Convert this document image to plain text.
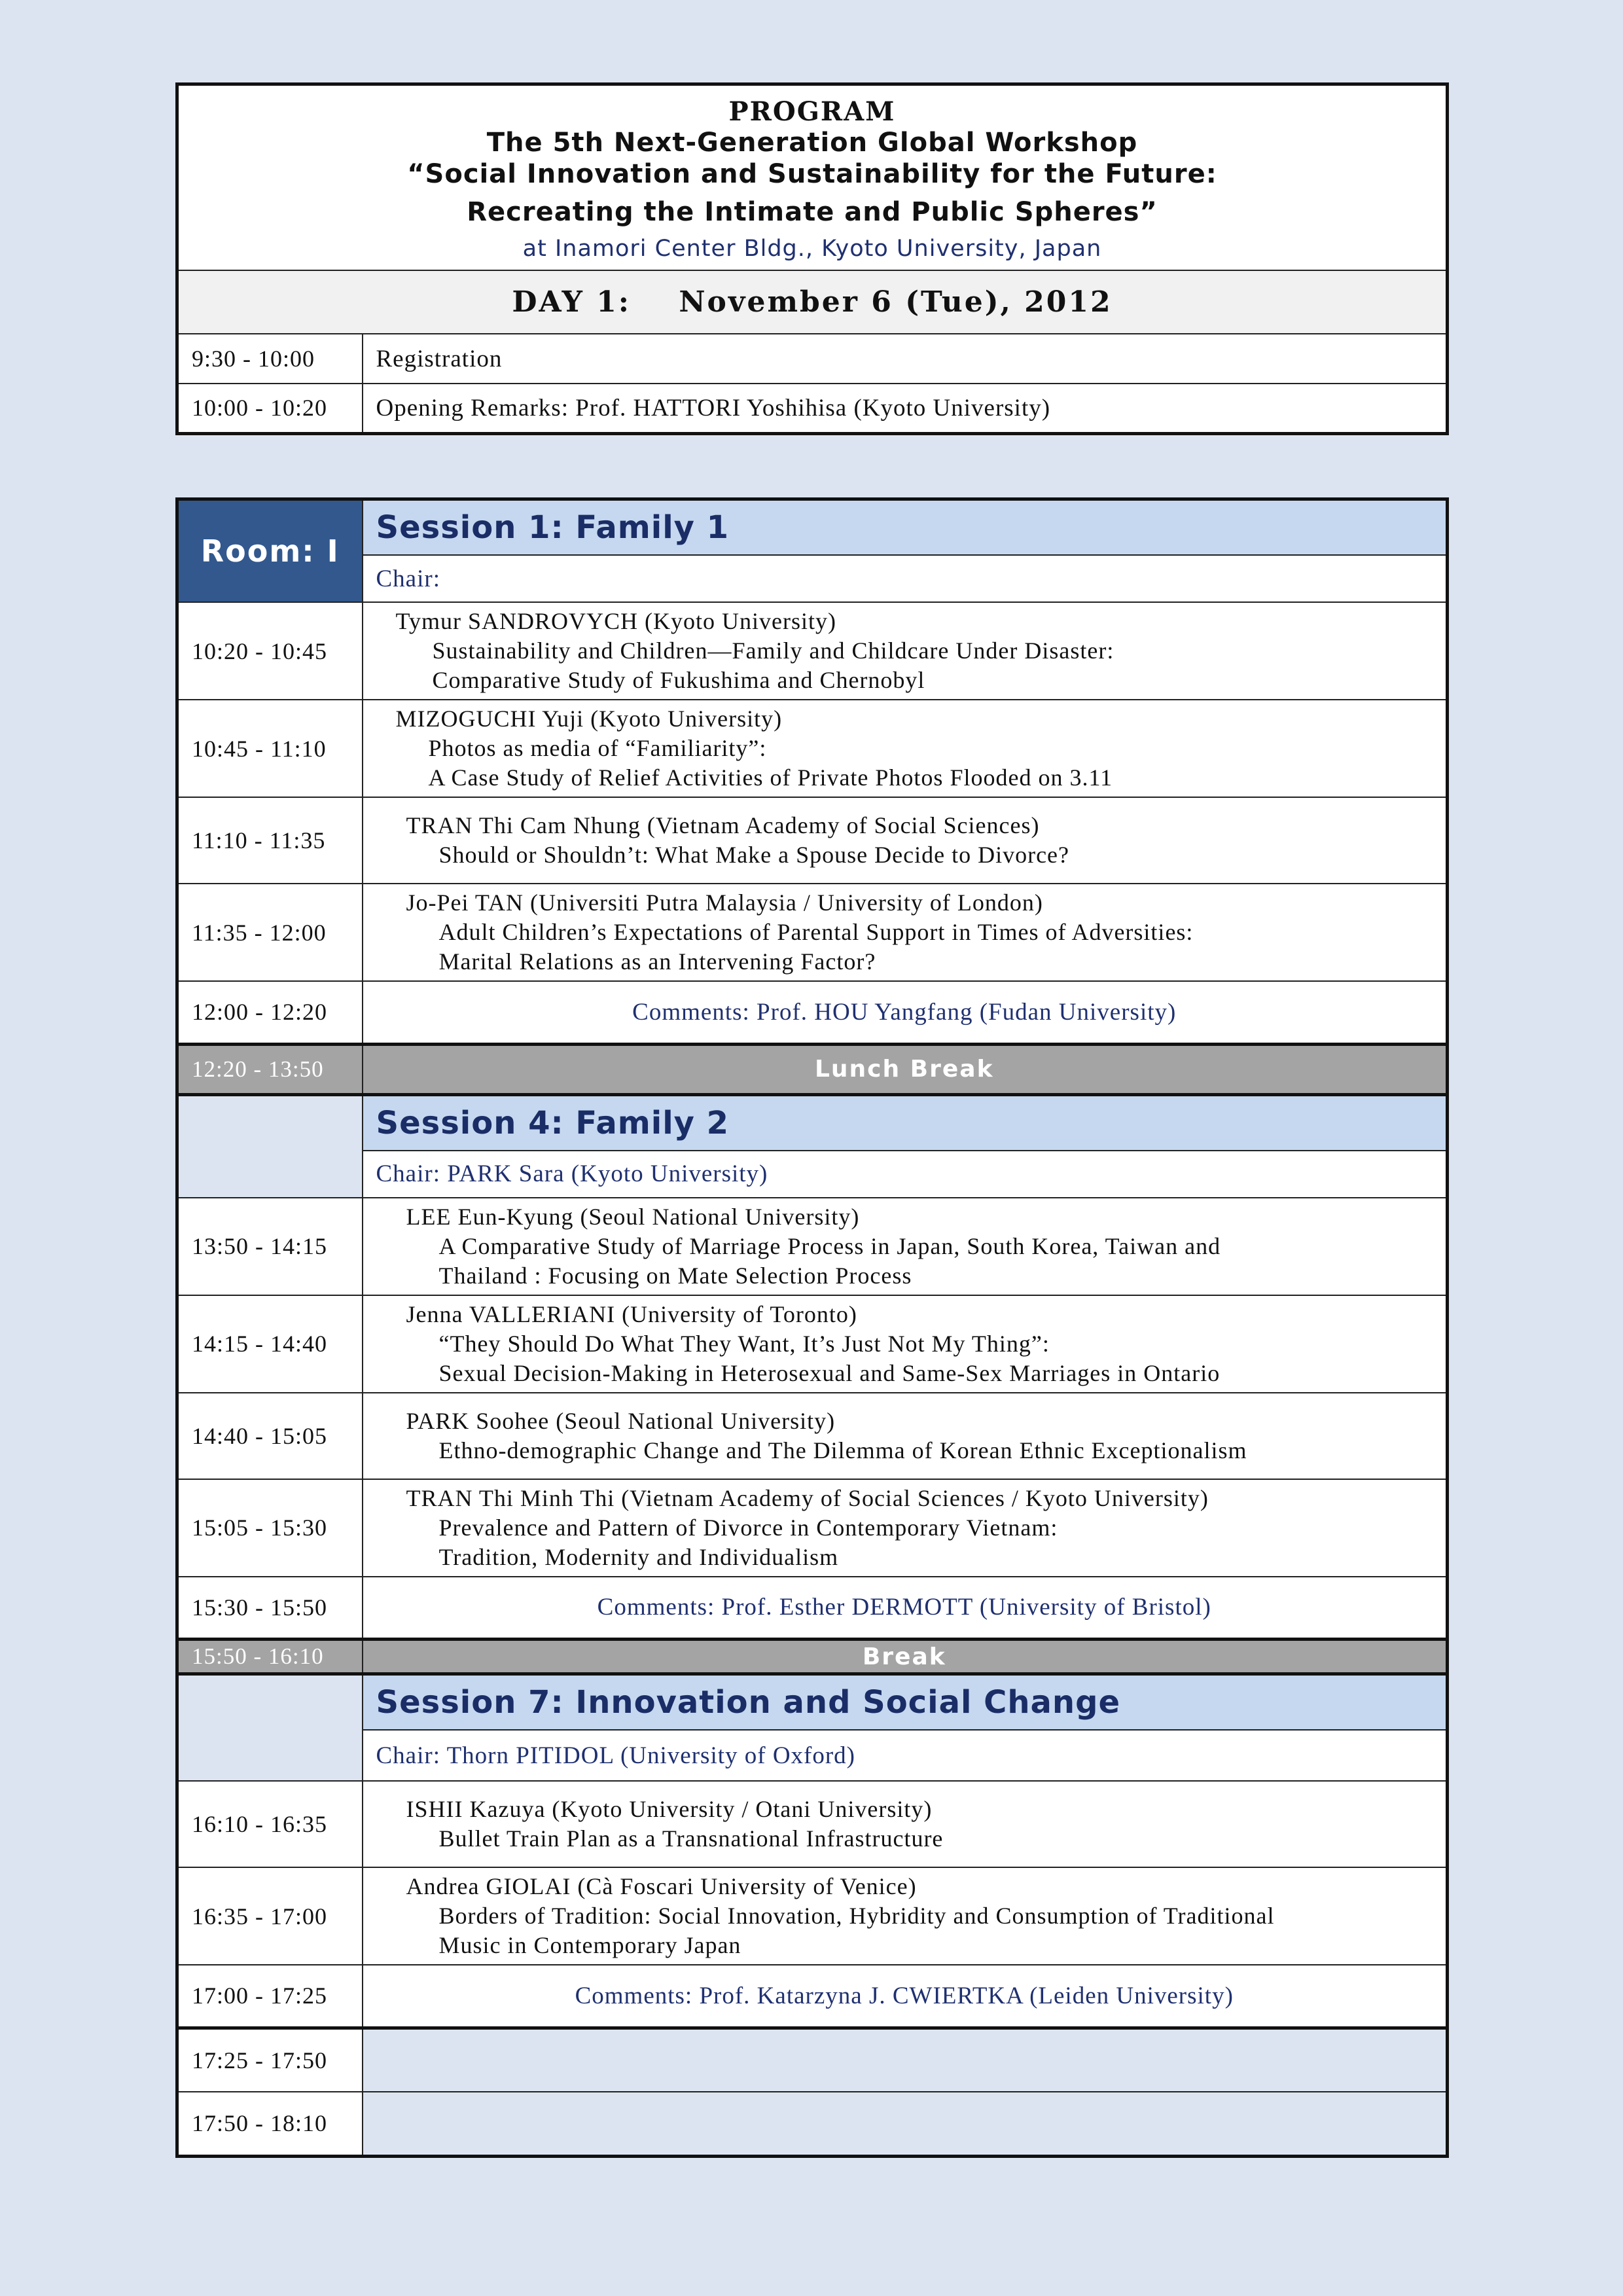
PROGRAM
The 5th Next-Generation Global Workshop
“Social Innovation and Sustainability for the Future:
Recreating the Intimate and Public Spheres”
at Inamori Center Bldg., Kyoto University, Japan	

DAY 1:    November 6 (Tue), 2012	
9:30 - 10:00	Registration
10:00 - 10:20	Opening Remarks: Prof. HATTORI Yoshihisa (Kyoto University)
Room: I	Session 1: Family 1
	Chair:
10:20 - 10:45	Tymur SANDROVYCH (Kyoto University)
Sustainability and Children—Family and Childcare Under Disaster:
Comparative Study of Fukushima and Chernobyl

10:45 - 11:10	MIZOGUCHI Yuji (Kyoto University)
Photos as media of “Familiarity”:
A Case Study of Relief Activities of Private Photos Flooded on 3.11

11:10 - 11:35	TRAN Thi Cam Nhung (Vietnam Academy of Social Sciences)
Should or Shouldn’t: What Make a Spouse Decide to Divorce?

11:35 - 12:00	Jo-Pei TAN (Universiti Putra Malaysia / University of London)
Adult Children’s Expectations of Parental Support in Times of Adversities:
Marital Relations as an Intervening Factor?

12:00 - 12:20	Comments: Prof. HOU Yangfang (Fudan University)
12:20 - 13:50	Lunch Break
	Session 4: Family 2
	Chair: PARK Sara (Kyoto University)
13:50 - 14:15	LEE Eun-Kyung (Seoul National University)
A Comparative Study of Marriage Process in Japan, South Korea, Taiwan and
Thailand : Focusing on Mate Selection Process

14:15 - 14:40	Jenna VALLERIANI (University of Toronto)
“They Should Do What They Want, It’s Just Not My Thing”:
Sexual Decision-Making in Heterosexual and Same-Sex Marriages in Ontario

14:40 - 15:05	PARK Soohee (Seoul National University)
Ethno-demographic Change and The Dilemma of Korean Ethnic Exceptionalism

15:05 - 15:30	TRAN Thi Minh Thi (Vietnam Academy of Social Sciences / Kyoto University)
Prevalence and Pattern of Divorce in Contemporary Vietnam:
Tradition, Modernity and Individualism

15:30 - 15:50	Comments: Prof. Esther DERMOTT (University of Bristol)
15:50 - 16:10	Break
	Session 7: Innovation and Social Change
	Chair: Thorn PITIDOL (University of Oxford)
16:10 - 16:35	ISHII Kazuya (Kyoto University / Otani University)
Bullet Train Plan as a Transnational Infrastructure

16:35 - 17:00	Andrea GIOLAI (Cà Foscari University of Venice)
Borders of Tradition: Social Innovation, Hybridity and Consumption of Traditional
Music in Contemporary Japan

17:00 - 17:25	Comments: Prof. Katarzyna J. CWIERTKA (Leiden University)
17:25 - 17:50	
17:50 - 18:10	
